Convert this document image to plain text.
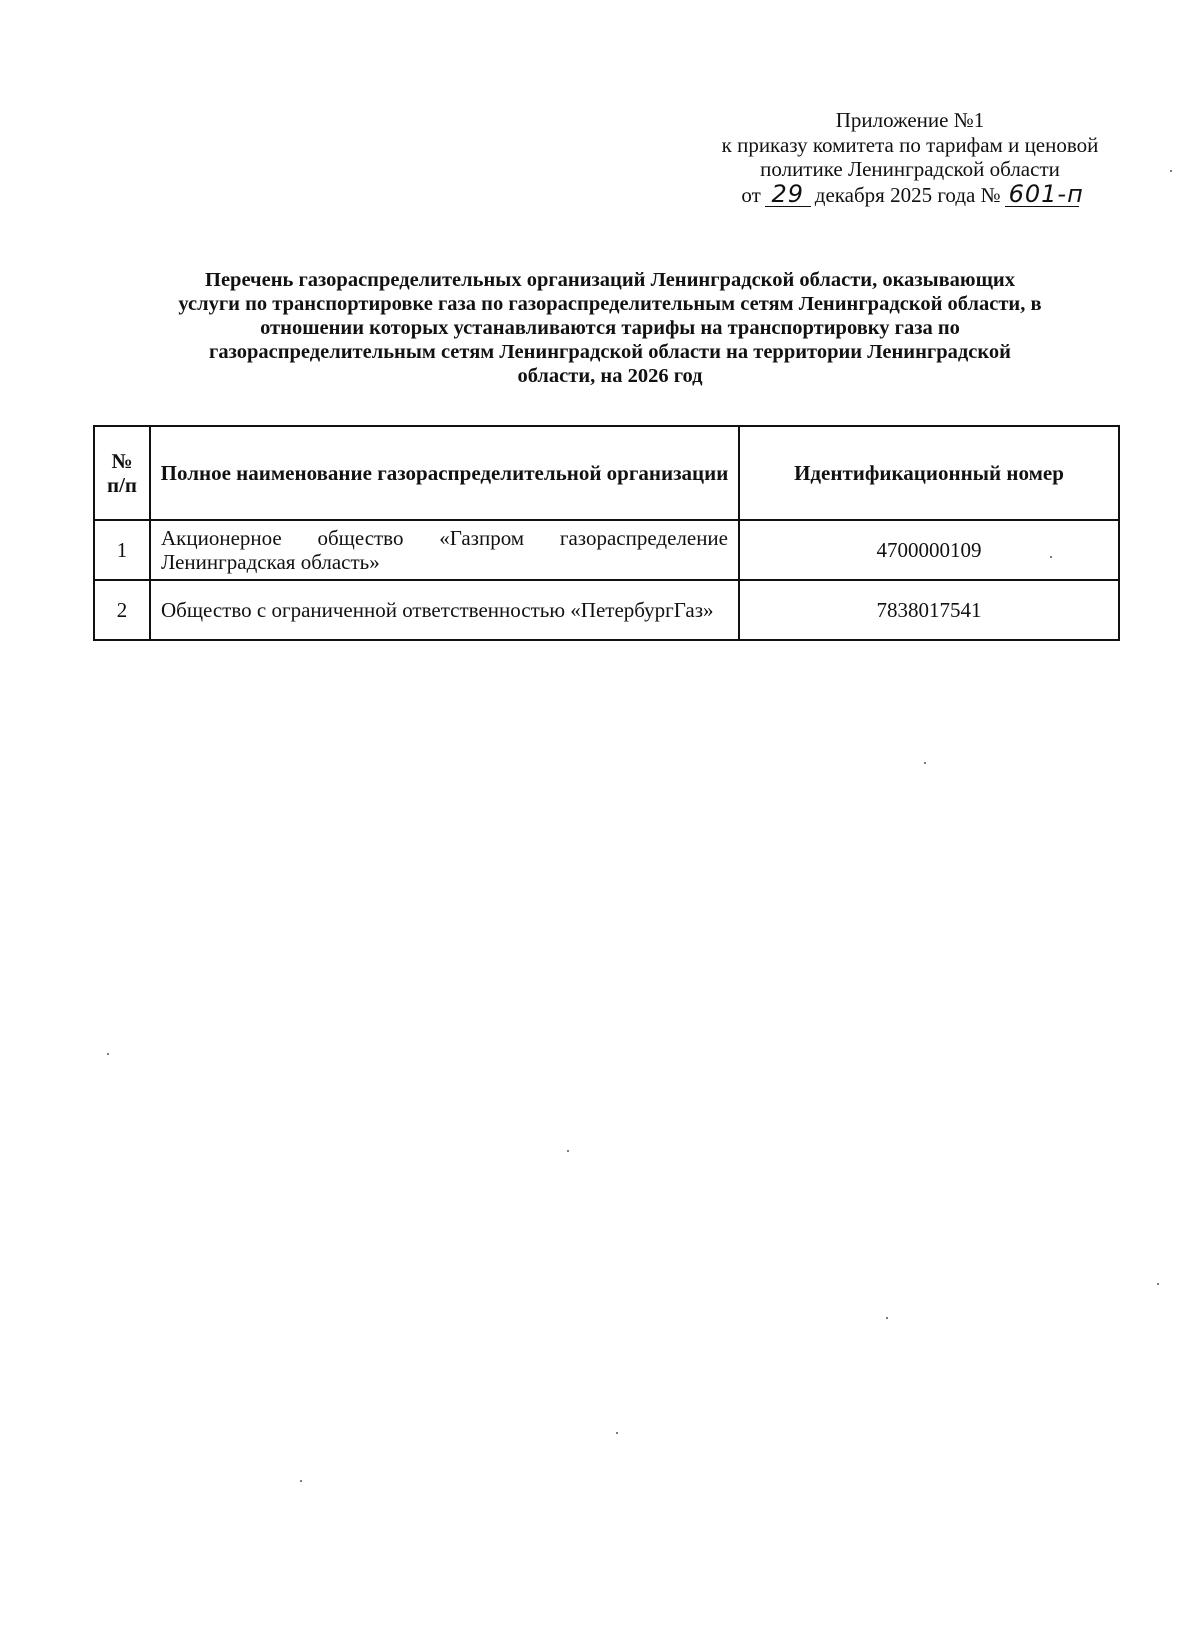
Приложение №1
к приказу комитета по тарифам и ценовой
политике Ленинградской области
от 29 декабря 2025 года № 601-п
Перечень газораспределительных организаций Ленинградской области, оказывающих
услуги по транспортировке газа по газораспределительным сетям Ленинградской области, в
отношении которых устанавливаются тарифы на транспортировку газа по
газораспределительным сетям Ленинградской области на территории Ленинградской
области, на 2026 год
№
п/п	Полное наименование газораспределительной организации	Идентификационный номер
1	Акционерное общество «Газпром газораспределение Ленинградская область»	4700000109
2	Общество с ограниченной ответственностью «ПетербургГаз»	7838017541
